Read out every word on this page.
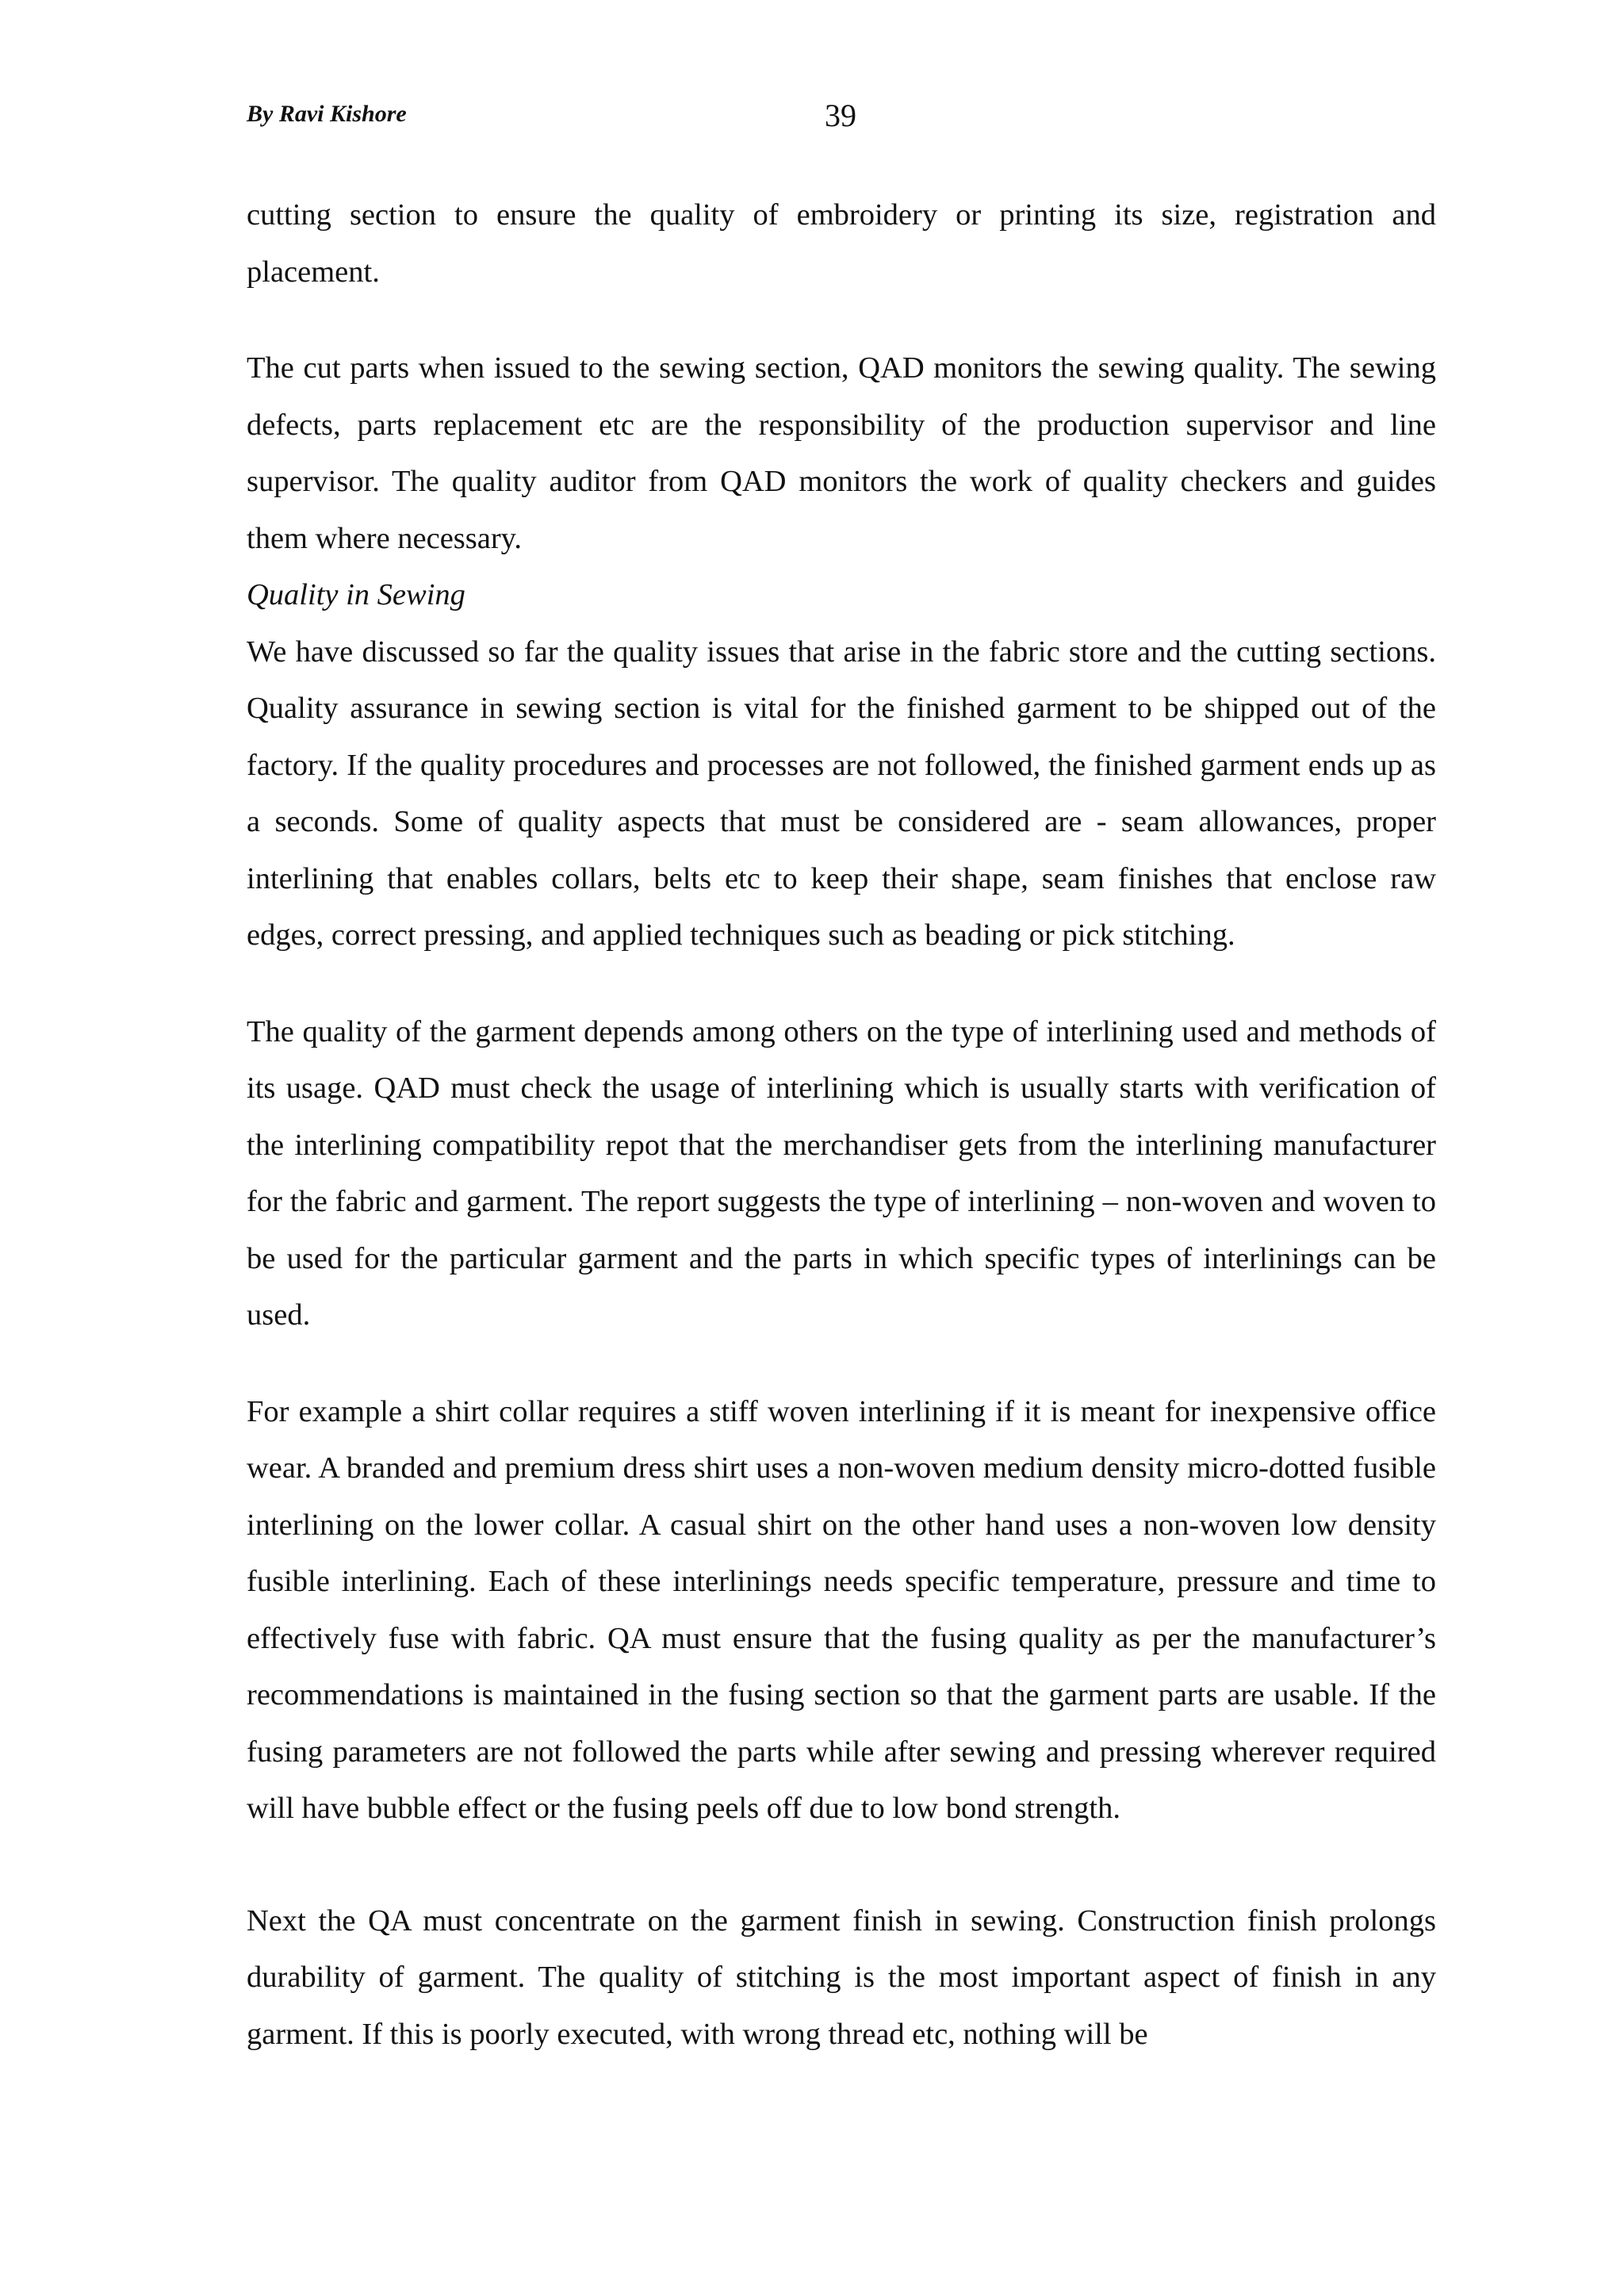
By Ravi Kishore	39

cutting section to ensure the quality of embroidery or printing its size, registration and placement.

The cut parts when issued to the sewing section, QAD monitors the sewing quality. The sewing defects, parts replacement etc are the responsibility of the production supervisor and line supervisor. The quality auditor from QAD monitors the work of quality checkers and guides them where necessary.

Quality in Sewing

We have discussed so far the quality issues that arise in the fabric store and the cutting sections. Quality assurance in sewing section is vital for the finished garment to be shipped out of the factory. If the quality procedures and processes are not followed, the finished garment ends up as a seconds. Some of quality aspects that must be considered are - seam allowances, proper interlining that enables collars, belts etc to keep their shape, seam finishes that enclose raw edges, correct pressing, and applied techniques such as beading or pick stitching.

The quality of the garment depends among others on the type of interlining used and methods of its usage. QAD must check the usage of interlining which is usually starts with verification of the interlining compatibility repot that the merchandiser gets from the interlining manufacturer for the fabric and garment. The report suggests the type of interlining – non-woven and woven to be used for the particular garment and the parts in which specific types of interlinings can be used.

For example a shirt collar requires a stiff woven interlining if it is meant for inexpensive office wear. A branded and premium dress shirt uses a non-woven medium density micro-dotted fusible interlining on the lower collar. A casual shirt on the other hand uses a non-woven low density fusible interlining. Each of these interlinings needs specific temperature, pressure and time to effectively fuse with fabric. QA must ensure that the fusing quality as per the manufacturer’s recommendations is maintained in the fusing section so that the garment parts are usable. If the fusing parameters are not followed the parts while after sewing and pressing wherever required will have bubble effect or the fusing peels off due to low bond strength.

Next the QA must concentrate on the garment finish in sewing. Construction finish prolongs durability of garment. The quality of stitching is the most important aspect of finish in any garment. If this is poorly executed, with wrong thread etc, nothing will be
